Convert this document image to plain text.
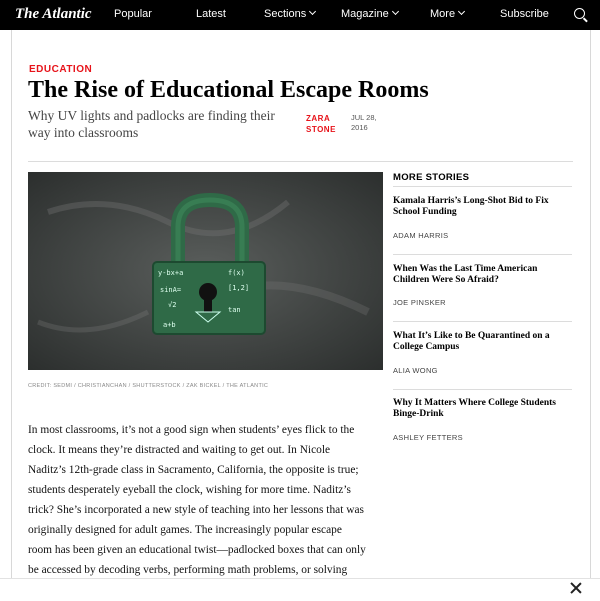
The Atlantic Popular	Latest	Sections	Magazine	More	Subscribe
EDUCATION
The Rise of Educational Escape Rooms
Why UV lights and padlocks are finding their way into classrooms
ZARA STONE
JUL 28, 2016
y-bx+a	f(x)
sinA=	[1,2]
√2
tan
a+b
CREDIT: SEDMI / CHRISTIANCHAN / SHUTTERSTOCK / ZAK BICKEL / THE ATLANTIC
In most classrooms, it’s not a good sign when students’ eyes flick to the clock. It means they’re distracted and waiting to get out. In Nicole Naditz’s 12th-grade class in Sacramento, California, the opposite is true; students desperately eyeball the clock, wishing for more time. Naditz’s trick? She’s incorporated a new style of teaching into her lessons that was originally designed for adult games. The increasingly popular escape room has been given an educational twist—padlocked boxes that can only be accessed by decoding verbs, performing math problems, or solving
MORE STORIES
Kamala Harris’s Long-Shot Bid to Fix School Funding
ADAM HARRIS
When Was the Last Time American Children Were So Afraid?
JOE PINSKER
What It’s Like to Be Quarantined on a College Campus
ALIA WONG
Why It Matters Where College Students Binge-Drink
ASHLEY FETTERS
